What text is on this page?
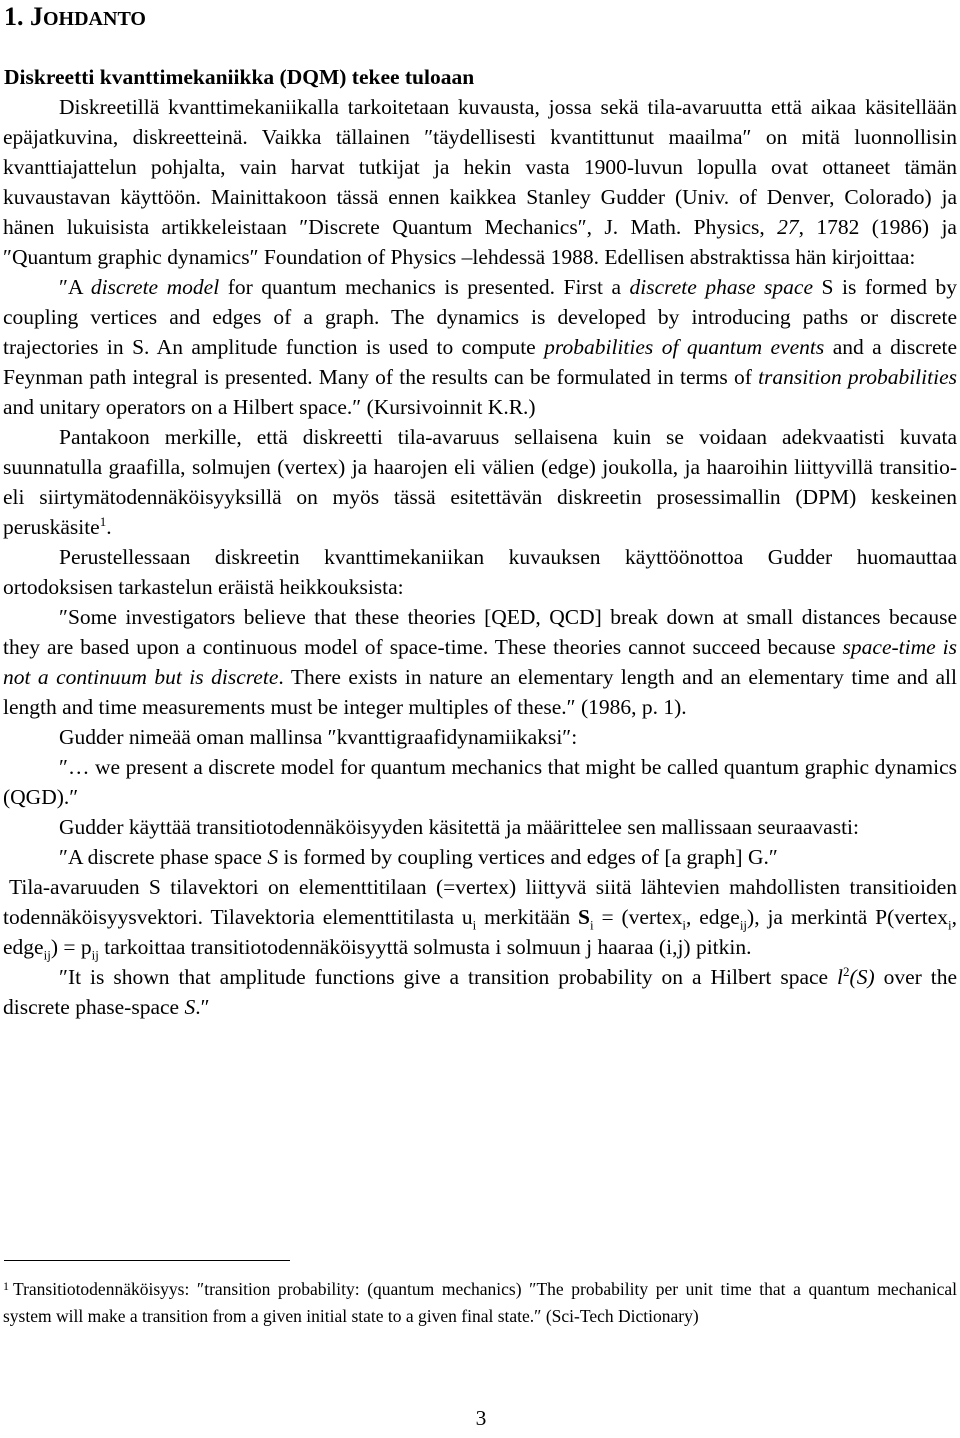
1. JOHDANTO
Diskreetti kvanttimekaniikka (DQM) tekee tuloaan

Diskreetillä kvanttimekaniikalla tarkoitetaan kuvausta, jossa sekä tila-avaruutta että aikaa käsitellään epäjatkuvina, diskreetteinä. Vaikka tällainen ″täydellisesti kvantittunut maailma″ on mitä luonnollisin kvanttiajattelun pohjalta, vain harvat tutkijat ja hekin vasta 1900-luvun lopulla ovat ottaneet tämän kuvaustavan käyttöön. Mainittakoon tässä ennen kaikkea Stanley Gudder (Univ. of Denver, Colorado) ja hänen lukuisista artikkeleistaan ″Discrete Quantum Mechanics″, J. Math. Physics, 27, 1782 (1986) ja ″Quantum graphic dynamics″ Foundation of Physics –lehdessä 1988. Edellisen abstraktissa hän kirjoittaa:

″A discrete model for quantum mechanics is presented. First a discrete phase space S is formed by coupling vertices and edges of a graph. The dynamics is developed by introducing paths or discrete trajectories in S. An amplitude function is used to compute probabilities of quantum events and a discrete Feynman path integral is presented. Many of the results can be formulated in terms of transition probabilities and unitary operators on a Hilbert space.″ (Kursivoinnit K.R.)

Pantakoon merkille, että diskreetti tila-avaruus sellaisena kuin se voidaan adekvaatisti kuvata suunnatulla graafilla, solmujen (vertex) ja haarojen eli välien (edge) joukolla, ja haaroihin liittyvillä transitio- eli siirtymätodennäköisyyksillä on myös tässä esitettävän diskreetin prosessimallin (DPM) keskeinen peruskäsite$^1$.

Perustellessaan diskreetin kvanttimekaniikan kuvauksen käyttöönottoa Gudder huomauttaa ortodoksisen tarkastelun eräistä heikkouksista:

″Some investigators believe that these theories [QED, QCD] break down at small distances because they are based upon a continuous model of space-time. These theories cannot succeed because space-time is not a continuum but is discrete. There exists in nature an elementary length and an elementary time and all length and time measurements must be integer multiples of these.″ (1986, p. 1).

Gudder nimeää oman mallinsa ″kvanttigraafidynamiikaksi″:

″… we present a discrete model for quantum mechanics that might be called quantum graphic dynamics (QGD).″

Gudder käyttää transitiotodennäköisyyden käsitettä ja määrittelee sen mallissaan seuraavasti:

″A discrete phase space S is formed by coupling vertices and edges of [a graph] G.″

Tila-avaruuden S tilavektori on elementtitilaan (=vertex) liittyvä siitä lähtevien mahdollisten transitioiden todennäköisyysvektori. Tilavektoria elementtitilasta $u_i$ merkitään $S_i$ = (vertex$_i$, edge$_{ij}$), ja merkintä P(vertex$_i$, edge$_{ij}$) = $p_{ij}$ tarkoittaa transitiotodennäköisyyttä solmusta i solmuun j haaraa (i,j) pitkin.

″It is shown that amplitude functions give a transition probability on a Hilbert space $l^2(S)$ over the discrete phase-space S.″

$^1$ Transitiotodennäköisyys: ″transition probability: (quantum mechanics) ″The probability per unit time that a quantum mechanical system will make a transition from a given initial state to a given final state.″ (Sci-Tech Dictionary)
3
